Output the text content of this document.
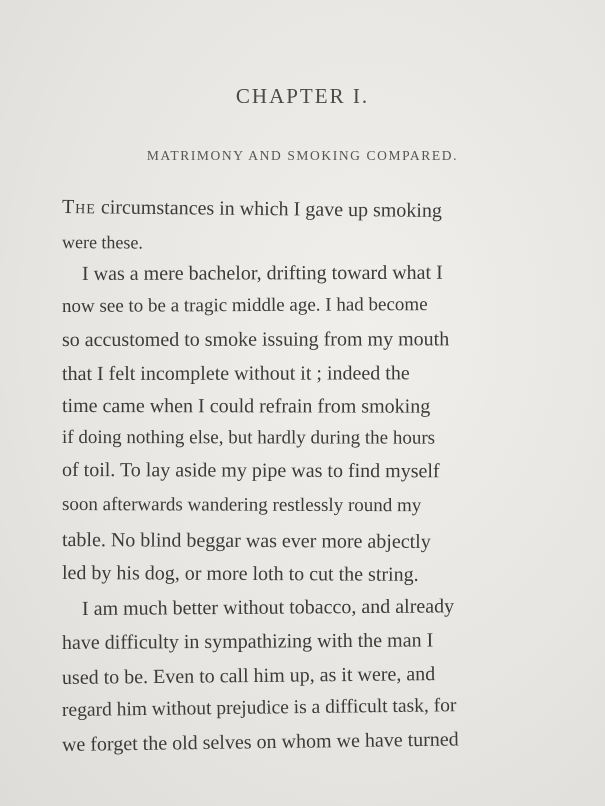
CHAPTER I.
MATRIMONY AND SMOKING COMPARED.
The circumstances in which I gave up smoking
were these.
I was a mere bachelor, drifting toward what I
now see to be a tragic middle age. I had become
so accustomed to smoke issuing from my mouth
that I felt incomplete without it ; indeed the
time came when I could refrain from smoking
if doing nothing else, but hardly during the hours
of toil. To lay aside my pipe was to find myself
soon afterwards wandering restlessly round my
table. No blind beggar was ever more abjectly
led by his dog, or more loth to cut the string.
I am much better without tobacco, and already
have difficulty in sympathizing with the man I
used to be. Even to call him up, as it were, and
regard him without prejudice is a difficult task, for
we forget the old selves on whom we have turned
